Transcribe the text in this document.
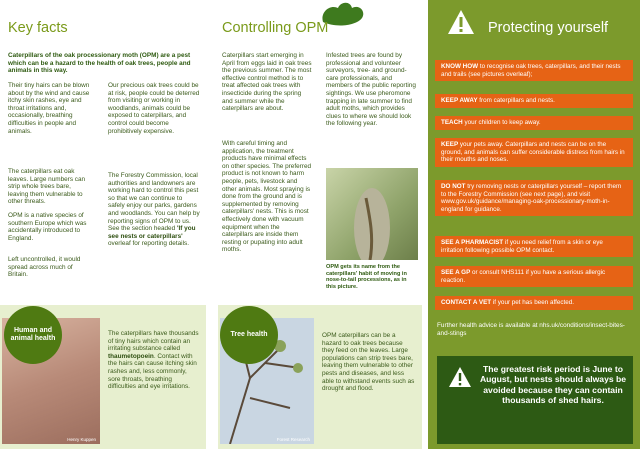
Key facts

Caterpillars of the oak processionary moth (OPM) are a pest which can be a hazard to the health of oak trees, people and animals in this way.

Their tiny hairs can be blown about by the wind and cause itchy skin rashes, eye and throat irritations and, occasionally, breathing difficulties in people and animals.

The caterpillars eat oak leaves. Large numbers can strip whole trees bare, leaving them vulnerable to other threats.

OPM is a native species of southern Europe which was accidentally introduced to England.

Left uncontrolled, it would spread across much of Britain.

Our precious oak trees could be at risk, people could be deterred from visiting or working in woodlands, animals could be exposed to caterpillars, and control could become prohibitively expensive.

The Forestry Commission, local authorities and landowners are working hard to control this pest so that we can continue to safely enjoy our parks, gardens and woodlands. You can help by reporting signs of OPM to us. See the section headed 'If you see nests or caterpillars' overleaf for reporting details.

Controlling OPM

Caterpillars start emerging in April from eggs laid in oak trees the previous summer. The most effective control method is to treat affected oak trees with insecticide during the spring and summer while the caterpillars are about.

With careful timing and application, the treatment products have minimal effects on other species. The preferred product is not known to harm people, pets, livestock and other animals. Most spraying is done from the ground and is supplemented by removing caterpillars' nests. This is most effectively done with vacuum equipment when the caterpillars are inside them resting or pupating into adult moths.

Infested trees are found by professional and volunteer surveyors, tree- and ground-care professionals, and members of the public reporting sightings. We use pheromone trapping in late summer to find adult moths, which provides clues to where we should look the following year.

OPM gets its name from the caterpillars' habit of moving in nose-to-tail processions, as in this picture.

Henry Kuppen
Human and animal health

The caterpillars have thousands of tiny hairs which contain an irritating substance called thaumetopoein. Contact with the hairs can cause itching skin rashes and, less commonly, sore throats, breathing difficulties and eye irritations.

Forest Research
Tree health	OPM caterpillars can be a hazard to oak trees because they feed on the leaves. Large populations can strip trees bare, leaving them vulnerable to other pests and diseases, and less able to withstand events such as drought and flood.

Protecting yourself
KNOW HOW to recognise oak trees, caterpillars, and their nests and trails (see pictures overleaf);
KEEP AWAY from caterpillars and nests.
TEACH your children to keep away.
KEEP your pets away. Caterpillars and nests can be on the ground, and animals can suffer considerable distress from hairs in their mouths and noses.
DO NOT try removing nests or caterpillars yourself – report them to the Forestry Commission (see next page), and visit www.gov.uk/guidance/managing-oak-processionary-moth-in-england for guidance.
SEE A PHARMACIST if you need relief from a skin or eye irritation following possible OPM contact.
SEE A GP or consult NHS111 if you have a serious allergic reaction.
CONTACT A VET if your pet has been affected.

Further health advice is available at nhs.uk/conditions/insect-bites-and-stings

The greatest risk period is June to August, but nests should always be avoided because they can contain thousands of shed hairs.
